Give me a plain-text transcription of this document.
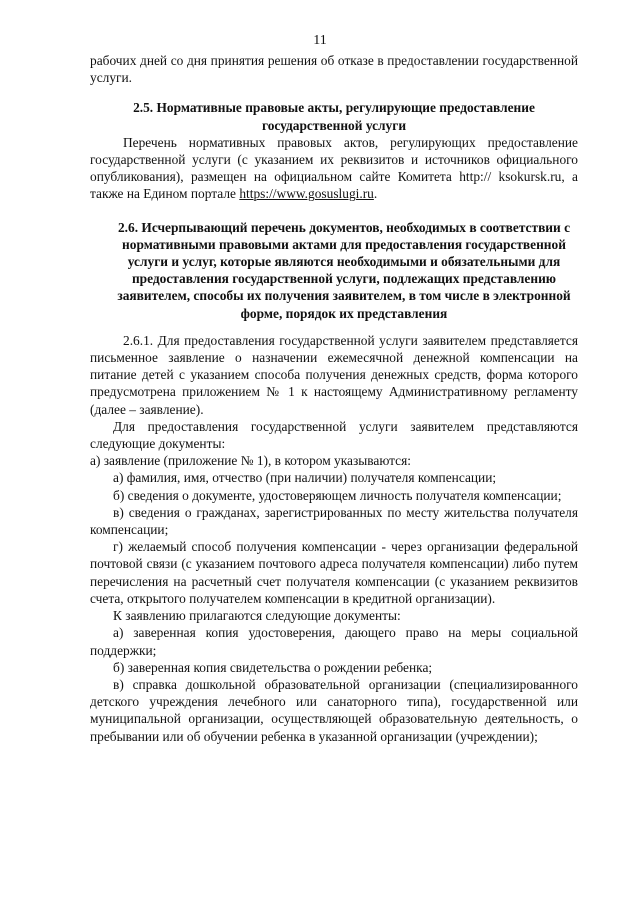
11

рабочих дней со дня принятия решения об отказе в предоставлении государственной услуги.

2.5. Нормативные правовые акты, регулирующие предоставление
государственной услуги

Перечень нормативных правовых актов, регулирующих предоставление государственной услуги (с указанием их реквизитов и источников официального опубликования), размещен на официальном сайте Комитета http:// ksokursk.ru, а также на Едином портале https://www.gosuslugi.ru.

2.6. Исчерпывающий перечень документов, необходимых в соответствии с нормативными правовыми актами для предоставления государственной услуги и услуг, которые являются необходимыми и обязательными для предоставления государственной услуги, подлежащих представлению заявителем, способы их получения заявителем, в том числе в электронной форме, порядок их представления

2.6.1. Для предоставления государственной услуги заявителем представляется письменное заявление о назначении ежемесячной денежной компенсации на питание детей с указанием способа получения денежных средств, форма которого предусмотрена приложением № 1 к настоящему Административному регламенту (далее – заявление).

Для предоставления государственной услуги заявителем представляются следующие документы:

а) заявление (приложение № 1), в котором указываются:

а) фамилия, имя, отчество (при наличии) получателя компенсации;

б) сведения о документе, удостоверяющем личность получателя компенсации;

в) сведения о гражданах, зарегистрированных по месту жительства получателя компенсации;

г) желаемый способ получения компенсации - через организации федеральной почтовой связи (с указанием почтового адреса получателя компенсации) либо путем перечисления на расчетный счет получателя компенсации (с указанием реквизитов счета, открытого получателем компенсации в кредитной организации).

К заявлению прилагаются следующие документы:

а) заверенная копия удостоверения, дающего право на меры социальной поддержки;

б) заверенная копия свидетельства о рождении ребенка;

в) справка дошкольной образовательной организации (специализированного детского учреждения лечебного или санаторного типа), государственной или муниципальной организации, осуществляющей образовательную деятельность, о пребывании или об обучении ребенка в указанной организации (учреждении);
